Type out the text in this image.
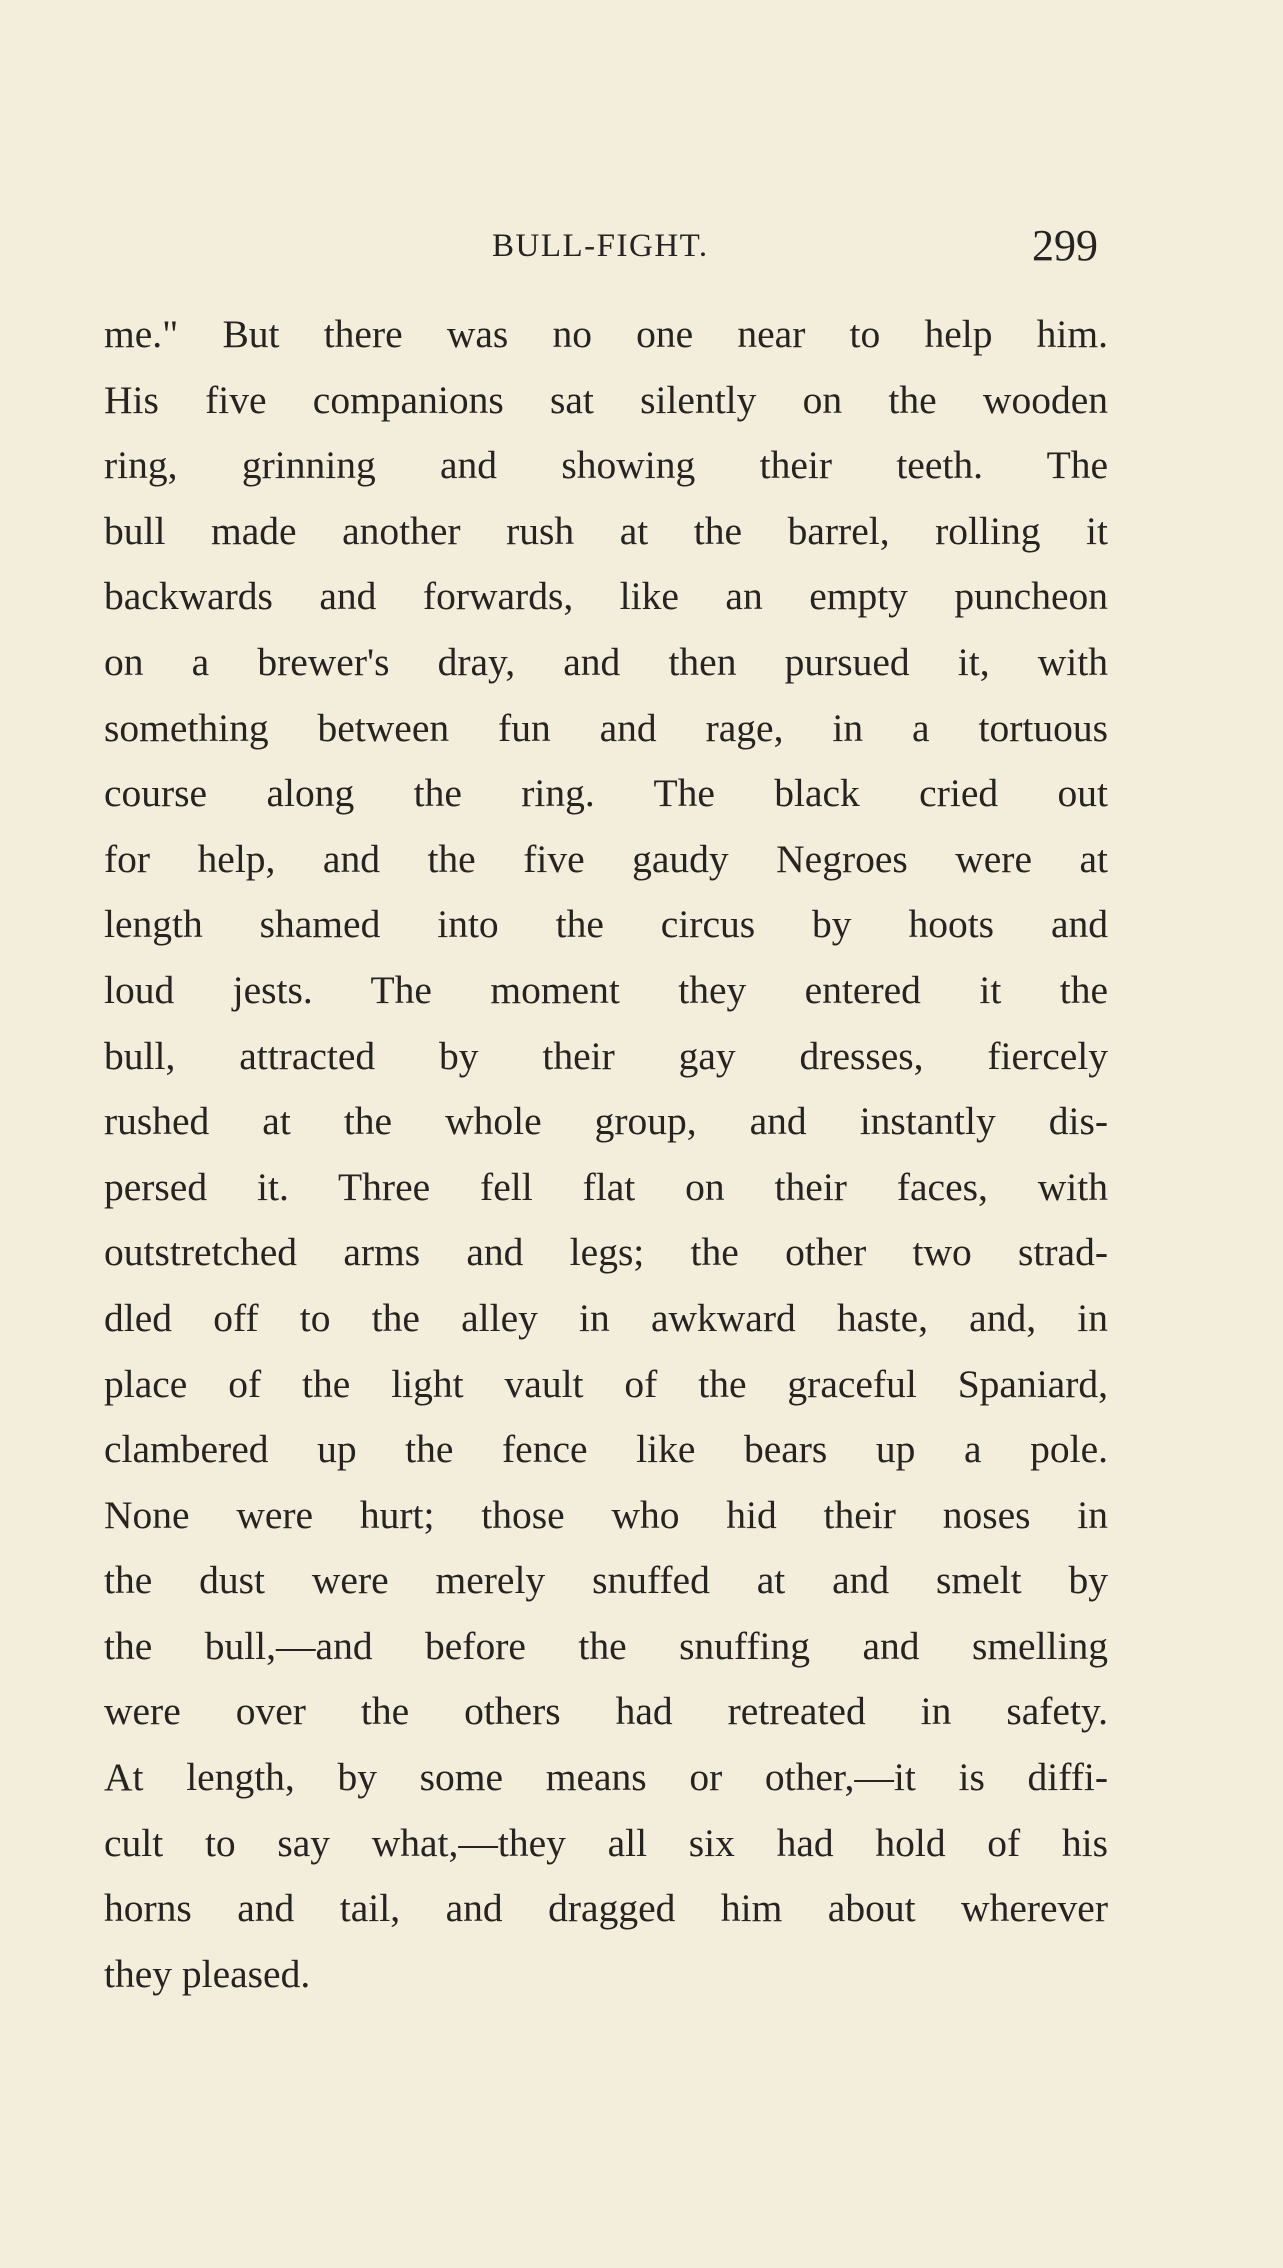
BULL-FIGHT.	299
me." But there was no one near to help him.
His five companions sat silently on the wooden
ring, grinning and showing their teeth. The
bull made another rush at the barrel, rolling it
backwards and forwards, like an empty puncheon
on a brewer's dray, and then pursued it, with
something between fun and rage, in a tortuous
course along the ring. The black cried out
for help, and the five gaudy Negroes were at
length shamed into the circus by hoots and
loud jests. The moment they entered it the
bull, attracted by their gay dresses, fiercely
rushed at the whole group, and instantly dis-
persed it. Three fell flat on their faces, with
outstretched arms and legs; the other two strad-
dled off to the alley in awkward haste, and, in
place of the light vault of the graceful Spaniard,
clambered up the fence like bears up a pole.
None were hurt; those who hid their noses in
the dust were merely snuffed at and smelt by
the bull,—and before the snuffing and smelling
were over the others had retreated in safety.
At length, by some means or other,—it is diffi-
cult to say what,—they all six had hold of his
horns and tail, and dragged him about wherever
they pleased.
